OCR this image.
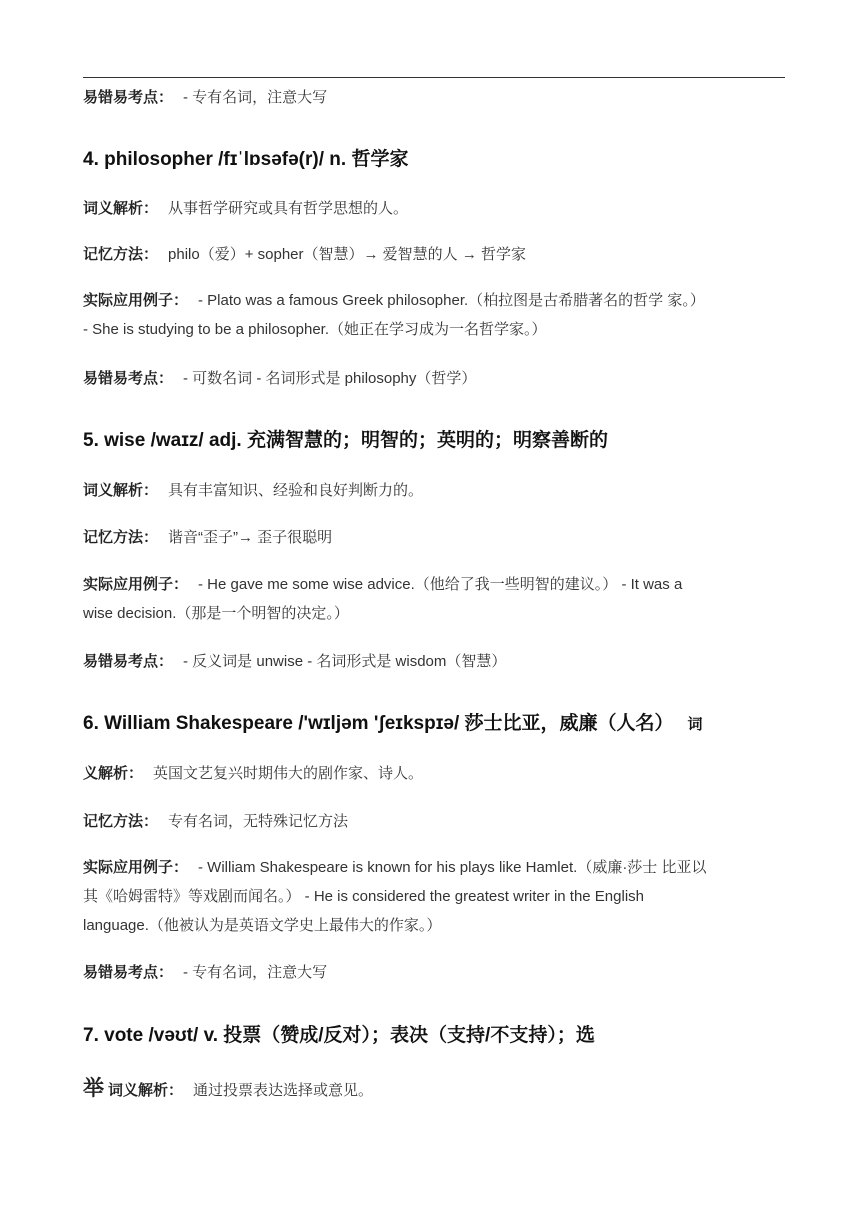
易错易考点： - 专有名词，注意大写
4. philosopher /fɪˈlɒsəfə(r)/ n. 哲学家
词义解析： 从事哲学研究或具有哲学思想的人。
记忆方法： philo（爱）+ sopher（智慧）→ 爱智慧的人 → 哲学家
实际应用例子： - Plato was a famous Greek philosopher.（柏拉图是古希腊著名的哲学 家。）
- She is studying to be a philosopher.（她正在学习成为一名哲学家。）
易错易考点： - 可数名词 - 名词形式是 philosophy（哲学）
5. wise /waɪz/ adj. 充满智慧的；明智的；英明的；明察善断的
词义解析： 具有丰富知识、经验和良好判断力的。
记忆方法： 谐音“歪子”→ 歪子很聪明
实际应用例子： - He gave me some wise advice.（他给了我一些明智的建议。） - It was a
wise decision.（那是一个明智的决定。）
易错易考点： - 反义词是 unwise - 名词形式是 wisdom（智慧）
6. William Shakespeare /'wɪljəm 'ʃeɪkspɪə/ 莎士比亚，威廉（人名） 词
义解析： 英国文艺复兴时期伟大的剧作家、诗人。
记忆方法： 专有名词，无特殊记忆方法
实际应用例子： - William Shakespeare is known for his plays like Hamlet.（威廉·莎士 比亚以
其《哈姆雷特》等戏剧而闻名。） - He is considered the greatest writer in the English
language.（他被认为是英语文学史上最伟大的作家。）
易错易考点： - 专有名词，注意大写
7. vote /vəʊt/ v. 投票（赞成/反对）；表决（支持/不支持）；选
举 词义解析： 通过投票表达选择或意见。
